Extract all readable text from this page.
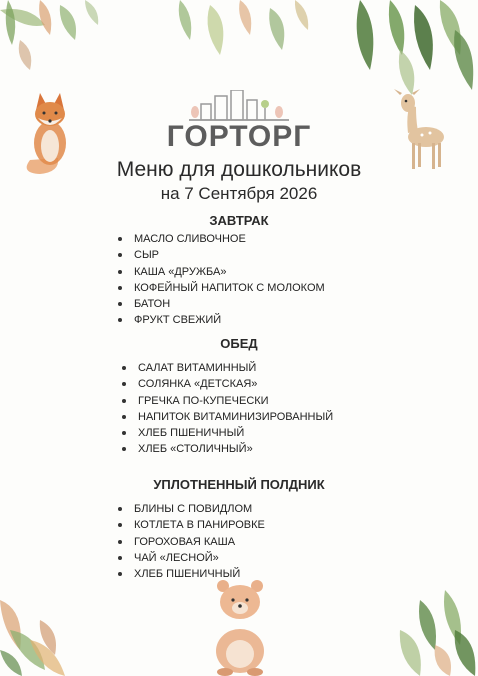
ГОРТОРГ
Меню для дошкольников
на 7 Сентября 2026
ЗАВТРАК
МАСЛО СЛИВОЧНОЕ
СЫР
КАША «ДРУЖБА»
КОФЕЙНЫЙ НАПИТОК С МОЛОКОМ
БАТОН
ФРУКТ СВЕЖИЙ
ОБЕД
САЛАТ ВИТАМИННЫЙ
СОЛЯНКА «ДЕТСКАЯ»
ГРЕЧКА ПО-КУПЕЧЕСКИ
НАПИТОК ВИТАМИНИЗИРОВАННЫЙ
ХЛЕБ ПШЕНИЧНЫЙ
ХЛЕБ «СТОЛИЧНЫЙ»
УПЛОТНЕННЫЙ ПОЛДНИК
БЛИНЫ С ПОВИДЛОМ
КОТЛЕТА В ПАНИРОВКЕ
ГОРОХОВАЯ КАША
ЧАЙ «ЛЕСНОЙ»
ХЛЕБ ПШЕНИЧНЫЙ
